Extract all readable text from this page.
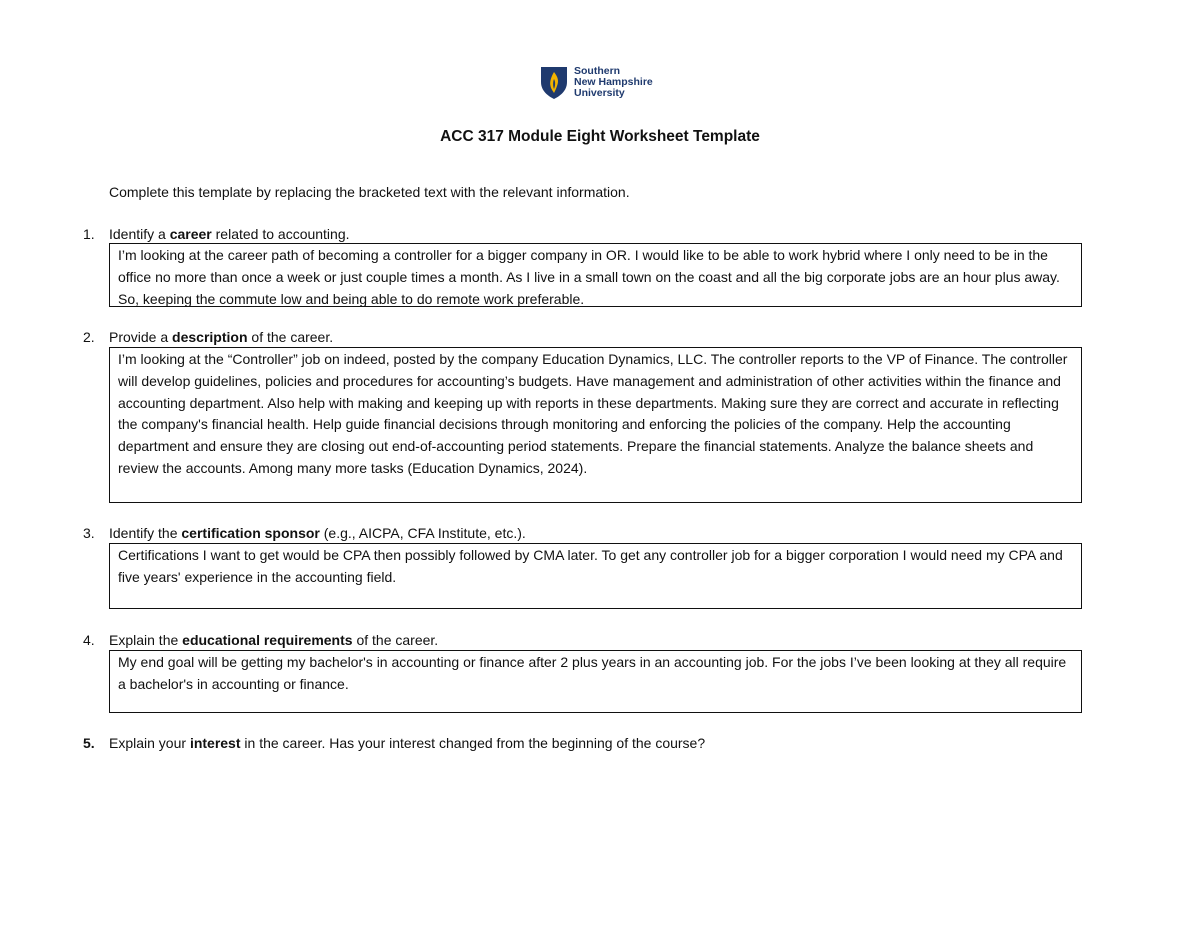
Southern
New Hampshire
University
ACC 317 Module Eight Worksheet Template
Complete this template by replacing the bracketed text with the relevant information.
1. Identify a career related to accounting.
I’m looking at the career path of becoming a controller for a bigger company in OR. I would like to be able to work hybrid where I only need to be in the office no more than once a week or just couple times a month. As I live in a small town on the coast and all the big corporate jobs are an hour plus away. So, keeping the commute low and being able to do remote work preferable.
2. Provide a description of the career.
I’m looking at the “Controller” job on indeed, posted by the company Education Dynamics, LLC. The controller reports to the VP of Finance. The controller will develop guidelines, policies and procedures for accounting’s budgets. Have management and administration of other activities within the finance and accounting department. Also help with making and keeping up with reports in these departments. Making sure they are correct and accurate in reflecting the company's financial health. Help guide financial decisions through monitoring and enforcing the policies of the company. Help the accounting department and ensure they are closing out end-of-accounting period statements. Prepare the financial statements. Analyze the balance sheets and review the accounts. Among many more tasks (Education Dynamics, 2024).
3. Identify the certification sponsor (e.g., AICPA, CFA Institute, etc.).
Certifications I want to get would be CPA then possibly followed by CMA later. To get any controller job for a bigger corporation I would need my CPA and five years' experience in the accounting field.
4. Explain the educational requirements of the career.
My end goal will be getting my bachelor's in accounting or finance after 2 plus years in an accounting job. For the jobs I’ve been looking at they all require a bachelor's in accounting or finance.
5. Explain your interest in the career. Has your interest changed from the beginning of the course?
